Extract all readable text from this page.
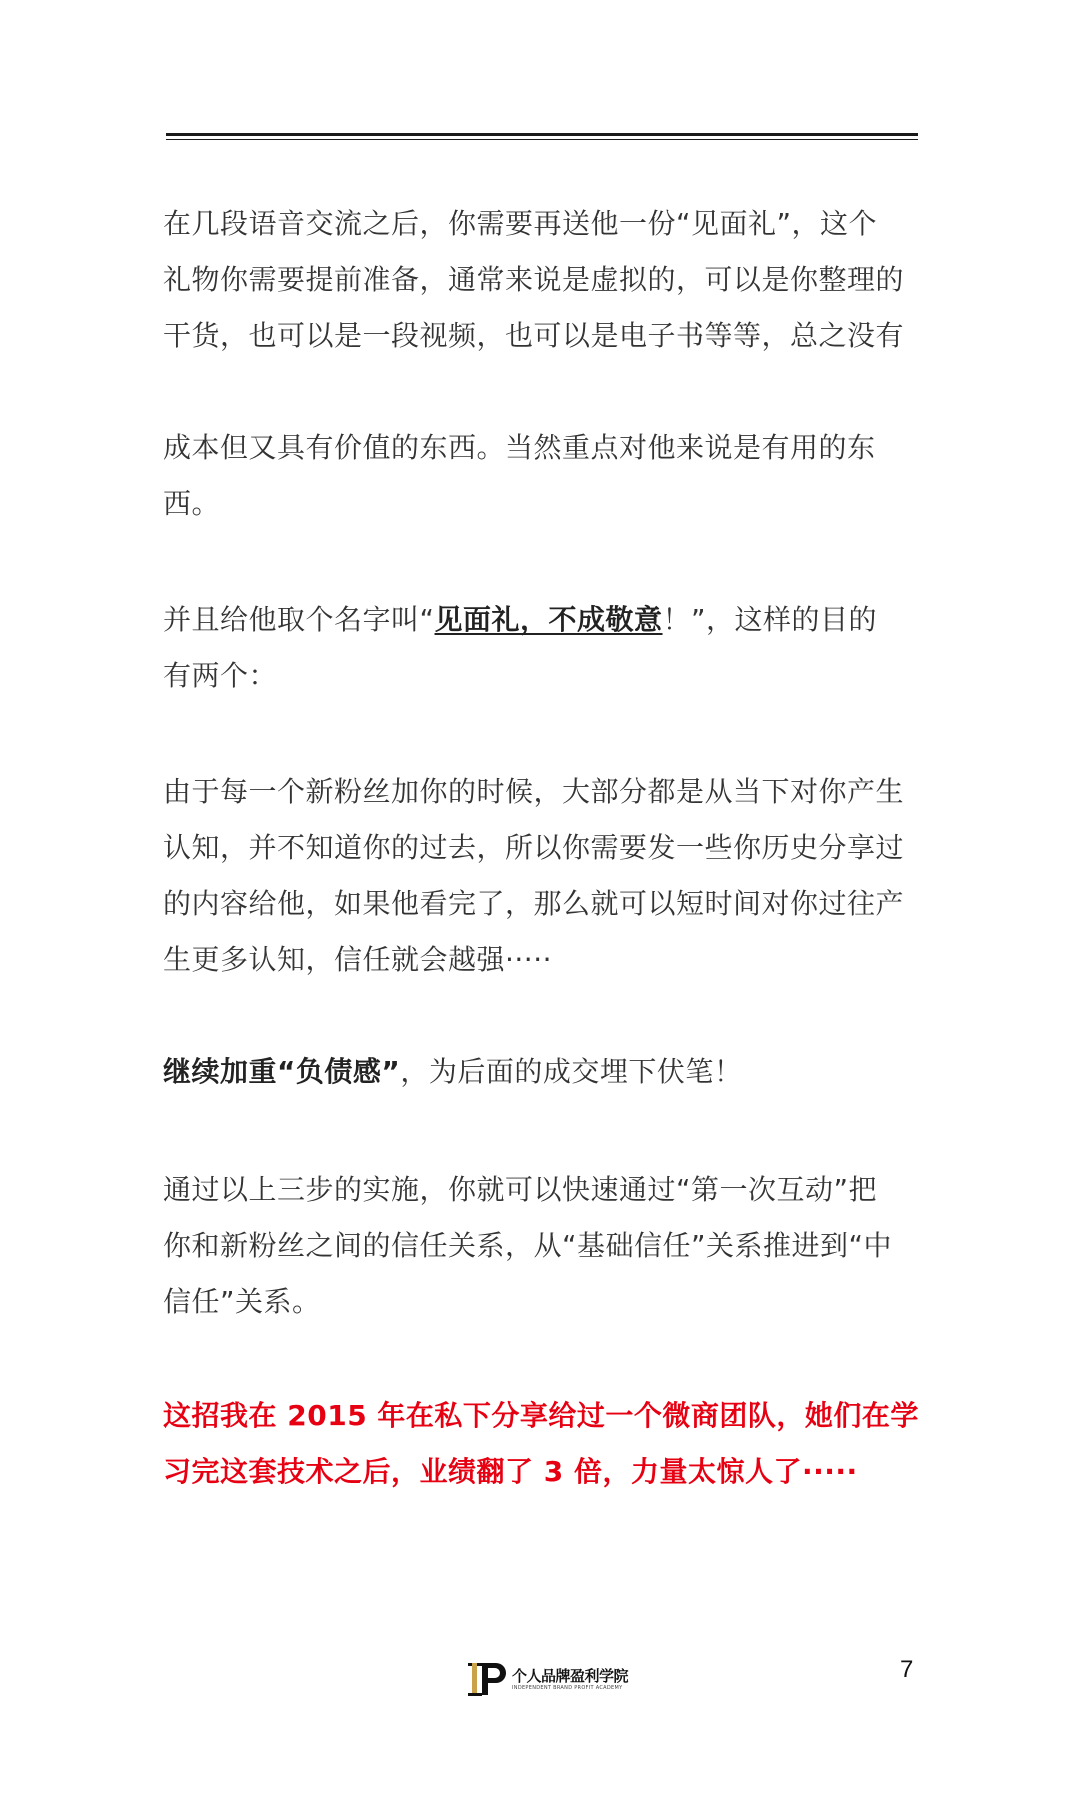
在几段语音交流之后，你需要再送他一份“见面礼”，这个
礼物你需要提前准备，通常来说是虚拟的，可以是你整理的
干货，也可以是一段视频，也可以是电子书等等，总之没有

成本但又具有价值的东西。当然重点对他来说是有用的东
西。

并且给他取个名字叫“见面礼，不成敬意！”，这样的目的
有两个：

由于每一个新粉丝加你的时候，大部分都是从当下对你产生
认知，并不知道你的过去，所以你需要发一些你历史分享过
的内容给他，如果他看完了，那么就可以短时间对你过往产
生更多认知，信任就会越强·····

继续加重“负债感”，为后面的成交埋下伏笔！

通过以上三步的实施，你就可以快速通过“第一次互动”把
你和新粉丝之间的信任关系，从“基础信任”关系推进到“中
信任”关系。

这招我在 2015 年在私下分享给过一个微商团队，她们在学
习完这套技术之后，业绩翻了 3 倍，力量太惊人了·····

个人品牌盈利学院
INDEPENDENT BRAND PROFIT ACADEMY
7
